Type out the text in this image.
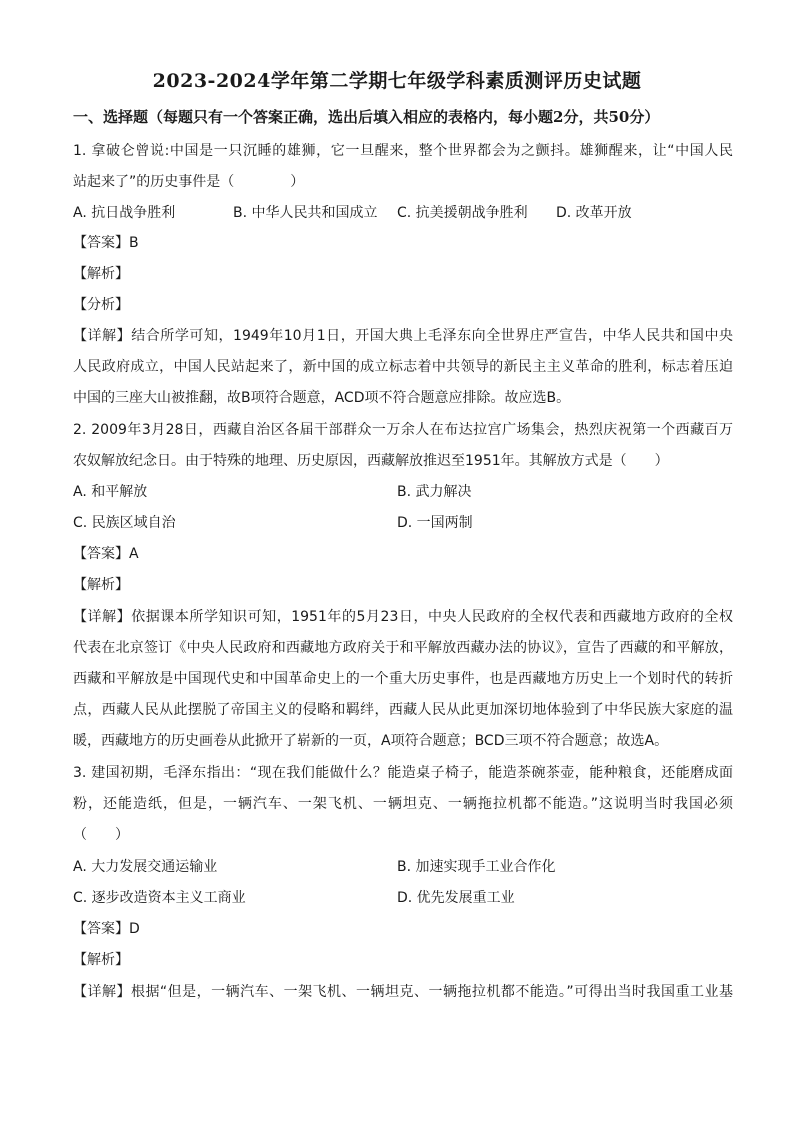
2023-2024学年第二学期七年级学科素质测评历史试题
一、选择题（每题只有一个答案正确，选出后填入相应的表格内，每小题2分，共50分）
1. 拿破仑曾说:中国是一只沉睡的雄狮，它一旦醒来，整个世界都会为之颤抖。雄狮醒来，让“中国人民
站起来了”的历史事件是（　　　　）
A. 抗日战争胜利	B. 中华人民共和国成立 C. 抗美援朝战争胜利 D. 改革开放
【答案】B
【解析】
【分析】
【详解】结合所学可知，1949年10月1日，开国大典上毛泽东向全世界庄严宣告，中华人民共和国中央
人民政府成立，中国人民站起来了，新中国的成立标志着中共领导的新民主主义革命的胜利，标志着压迫
中国的三座大山被推翻，故B项符合题意，ACD项不符合题意应排除。故应选B。
2. 2009年3月28日，西藏自治区各届干部群众一万余人在布达拉宫广场集会，热烈庆祝第一个西藏百万
农奴解放纪念日。由于特殊的地理、历史原因，西藏解放推迟至1951年。其解放方式是（　　）
A. 和平解放	B. 武力解决
C. 民族区域自治	D. 一国两制
【答案】A
【解析】
【详解】依据课本所学知识可知，1951年的5月23日，中央人民政府的全权代表和西藏地方政府的全权
代表在北京签订《中央人民政府和西藏地方政府关于和平解放西藏办法的协议》，宣告了西藏的和平解放，
西藏和平解放是中国现代史和中国革命史上的一个重大历史事件，也是西藏地方历史上一个划时代的转折
点，西藏人民从此摆脱了帝国主义的侵略和羁绊，西藏人民从此更加深切地体验到了中华民族大家庭的温
暖，西藏地方的历史画卷从此掀开了崭新的一页，A项符合题意；BCD三项不符合题意；故选A。
3. 建国初期，毛泽东指出：“现在我们能做什么？能造桌子椅子，能造茶碗茶壶，能种粮食，还能磨成面
粉，还能造纸，但是，一辆汽车、一架飞机、一辆坦克、一辆拖拉机都不能造。”这说明当时我国必须
（　　）
A. 大力发展交通运输业	B. 加速实现手工业合作化
C. 逐步改造资本主义工商业	D. 优先发展重工业
【答案】D
【解析】
【详解】根据“但是，一辆汽车、一架飞机、一辆坦克、一辆拖拉机都不能造。”可得出当时我国重工业基
